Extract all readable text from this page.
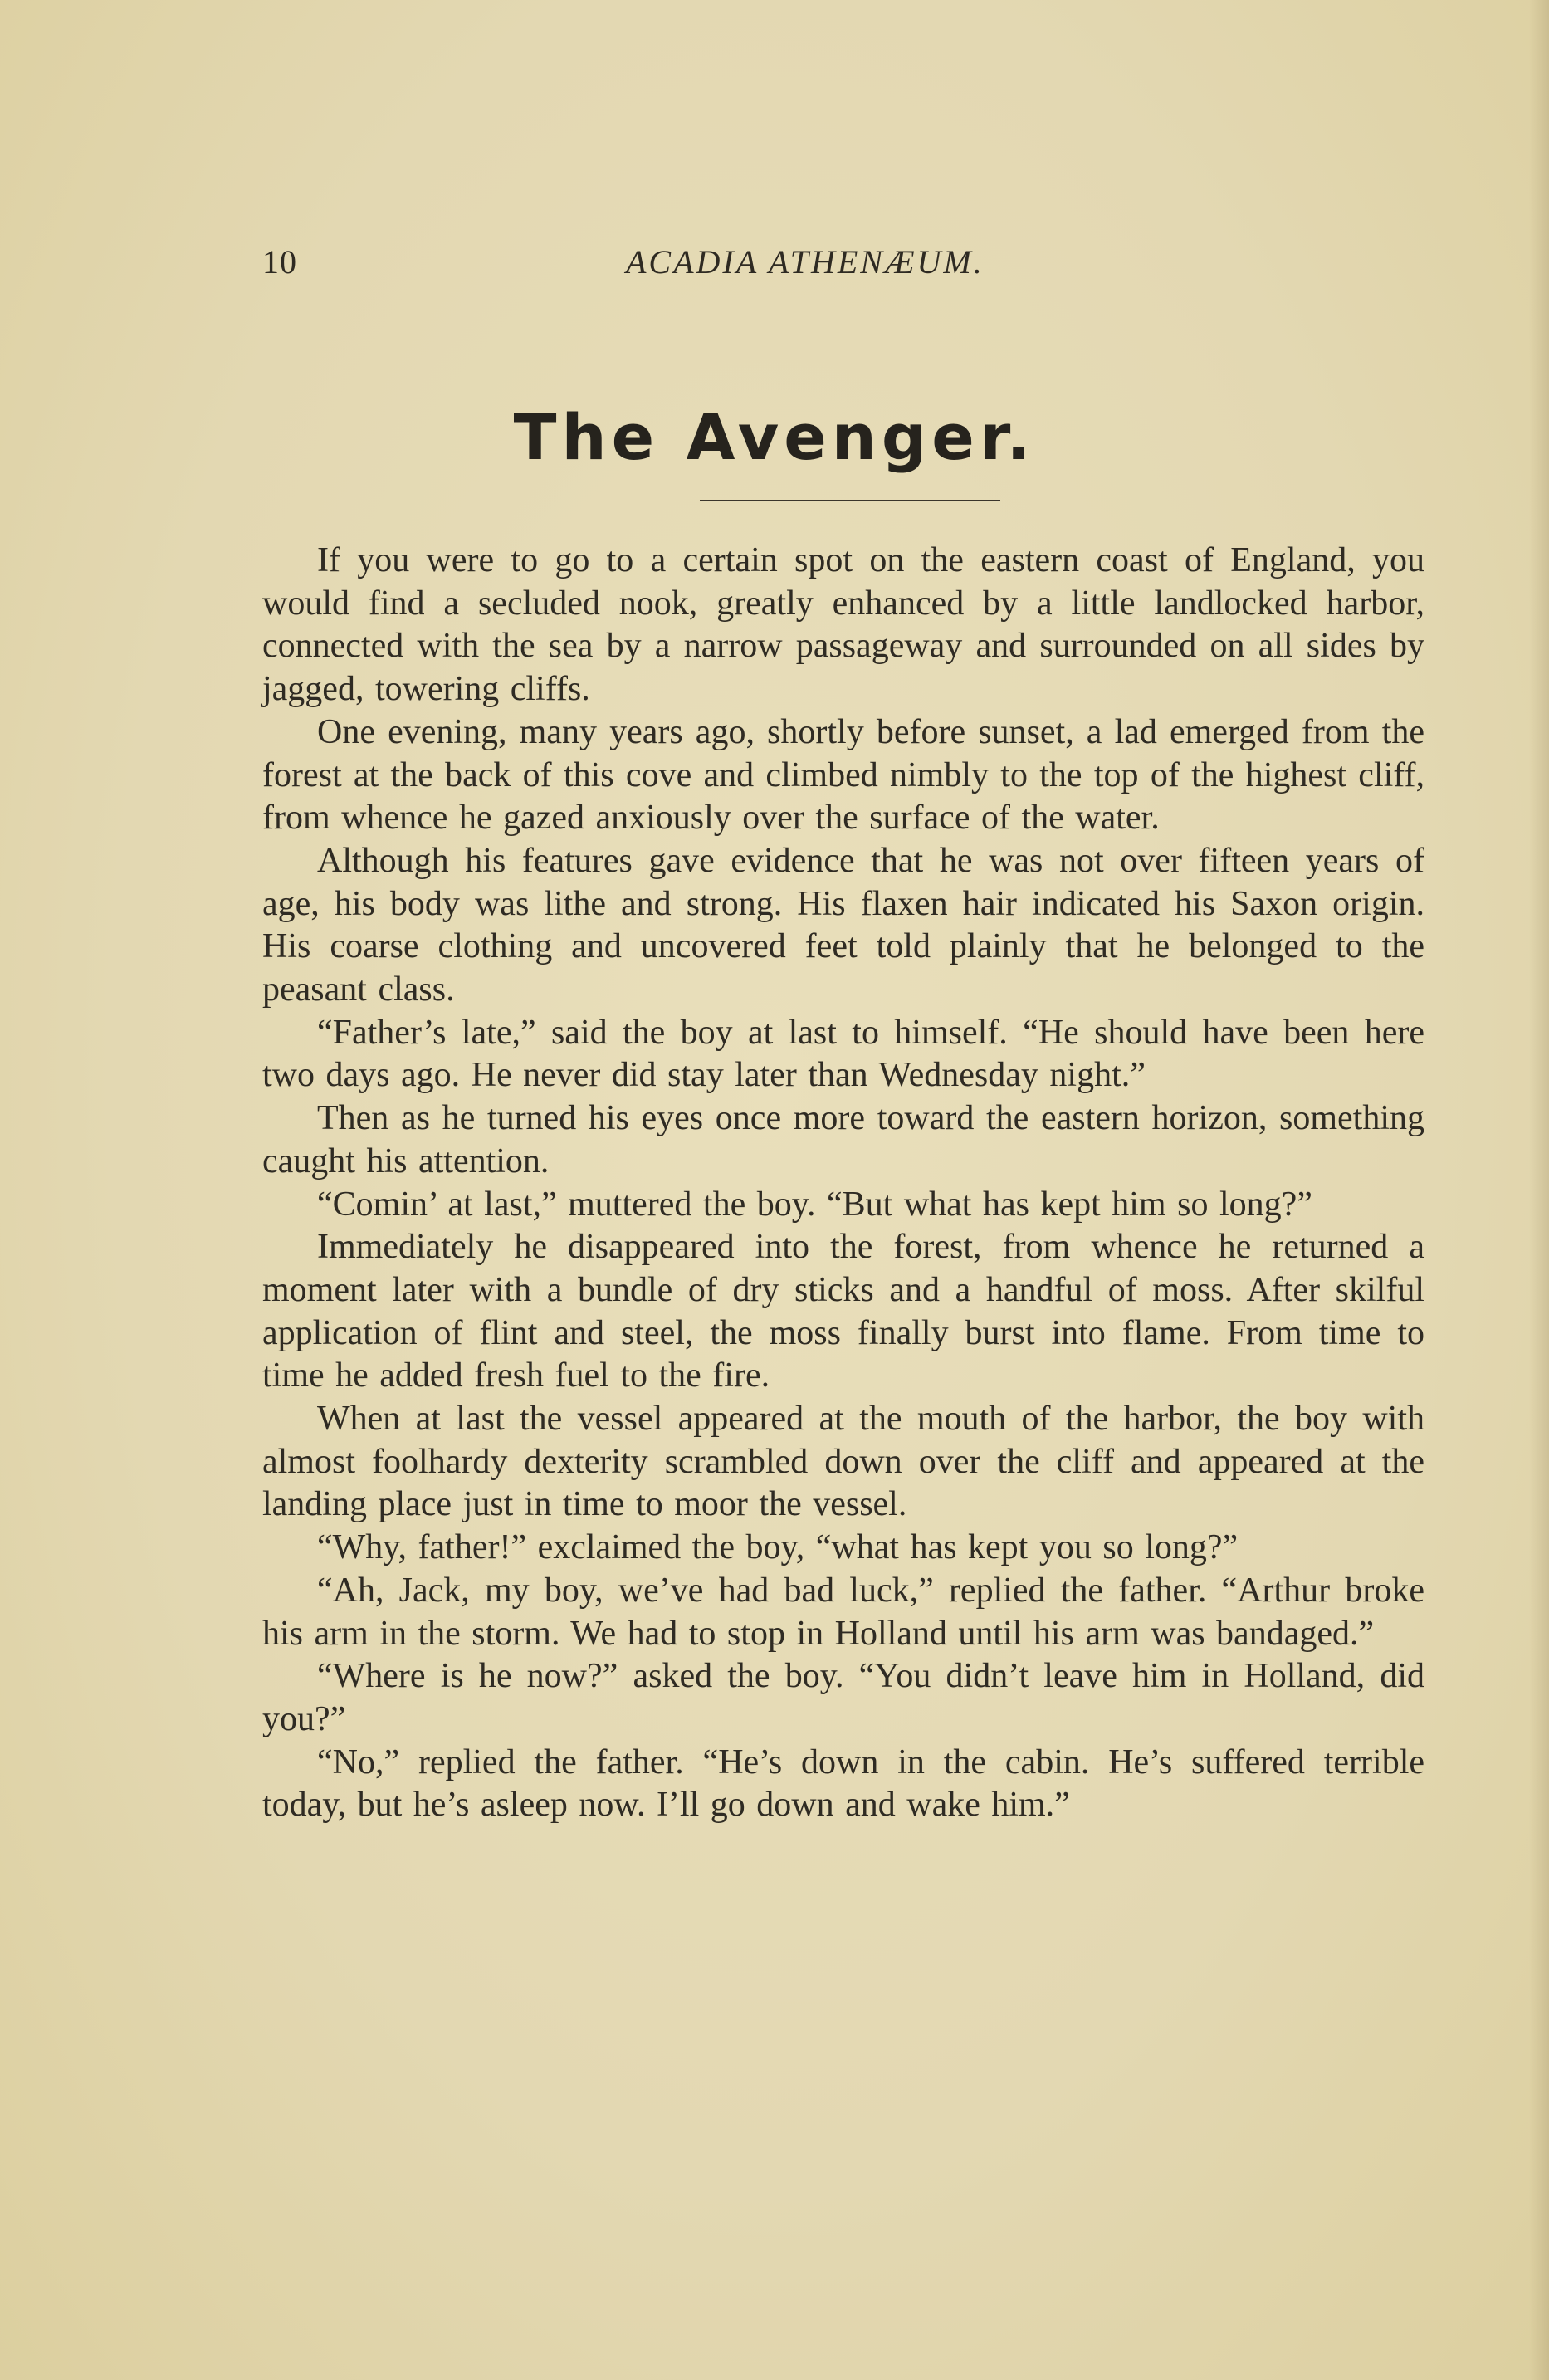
10	ACADIA ATHENÆUM.
The Avenger.

If you were to go to a certain spot on the eastern coast of England, you would find a secluded nook, greatly enhanced by a little landlocked harbor, connected with the sea by a narrow passageway and surrounded on all sides by jagged, towering cliffs.

One evening, many years ago, shortly before sunset, a lad emerged from the forest at the back of this cove and climbed nimbly to the top of the highest cliff, from whence he gazed anxiously over the surface of the water.

Although his features gave evidence that he was not over fifteen years of age, his body was lithe and strong. His flaxen hair indicated his Saxon origin. His coarse clothing and uncovered feet told plainly that he belonged to the peasant class.

“Father’s late,” said the boy at last to himself. “He should have been here two days ago. He never did stay later than Wednesday night.”

Then as he turned his eyes once more toward the eastern horizon, something caught his attention.

“Comin’ at last,” muttered the boy. “But what has kept him so long?”

Immediately he disappeared into the forest, from whence he returned a moment later with a bundle of dry sticks and a handful of moss. After skilful application of flint and steel, the moss finally burst into flame. From time to time he added fresh fuel to the fire.

When at last the vessel appeared at the mouth of the harbor, the boy with almost foolhardy dexterity scrambled down over the cliff and appeared at the landing place just in time to moor the vessel.

“Why, father!” exclaimed the boy, “what has kept you so long?”

“Ah, Jack, my boy, we’ve had bad luck,” replied the father. “Arthur broke his arm in the storm. We had to stop in Holland until his arm was bandaged.”

“Where is he now?” asked the boy. “You didn’t leave him in Holland, did you?”

“No,” replied the father. “He’s down in the cabin. He’s suffered terrible today, but he’s asleep now. I’ll go down and wake him.”
